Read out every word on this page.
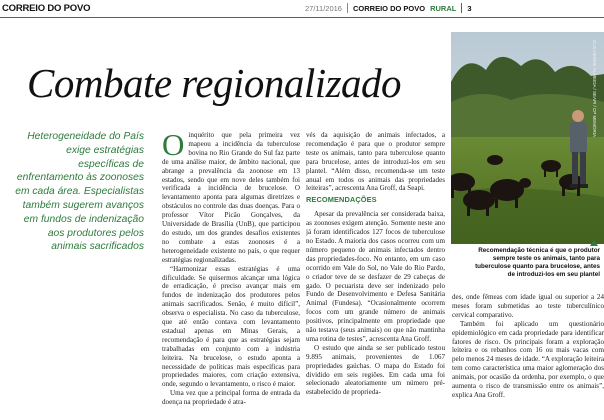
CORREIO DO POVO	27/11/2016 CORREIO DO POVO RURAL 3
Combate regionalizado
Heterogeneidade do País exige estratégias específicas de enfrentamento às zoonoses em cada área. Especialistas também sugerem avanços em fundos de indenização aos produtores pelos animais sacrificados
GUILHERME ALMEIDA / SEAPI / CP MEMÓRIA
Recomendação técnica é que o produtor sempre teste os animais, tanto para tuberculose quanto para brucelose, antes de introduzi-los em seu plantel
O inquérito que pela primeira vez mapeou a incidência da tuberculose bovina no Rio Grande do Sul faz parte de uma análise maior, de âmbito nacional, que abrange a prevalência da zoonose em 13 estados, sendo que em nove deles também foi verificada a incidência de brucelose. O levantamento aponta para algumas diretrizes e obstáculos no controle das duas doenças. Para o professor Vítor Picão Gonçalves, da Universidade de Brasília (UnB), que participou do estudo, um dos grandes desafios existentes no combate a estas zoonoses é a heterogeneidade existente no país, o que requer estratégias regionalizadas.

“Harmonizar essas estratégias é uma dificuldade. Se quisermos alcançar uma lógica de erradicação, é preciso avançar mais em fundos de indenização dos produtores pelos animais sacrificados. Senão, é muito difícil”, observa o especialista. No caso da tuberculose, que até então contava com levantamento estadual apenas em Minas Gerais, a recomendação é para que as estratégias sejam trabalhadas em conjunto com a indústria leiteira. Na brucelose, o estudo aponta a necessidade de políticas mais específicas para propriedades maiores, com criação extensiva, onde, segundo o levantamento, o risco é maior.

Uma vez que a principal forma de entrada da doença na propriedade é atra-

vés da aquisição de animais infectados, a recomendação é para que o produtor sempre teste os animais, tanto para tuberculose quanto para brucelose, antes de introduzi-los em seu plantel. “Além disso, recomenda-se um teste anual em todos os animais das propriedades leiteiras”, acrescenta Ana Groff, da Seapi.

RECOMENDAÇÕES

Apesar da prevalência ser considerada baixa, as zoonoses exigem atenção. Somente neste ano já foram identificados 127 focos de tuberculose no Estado. A maioria dos casos ocorreu com um número pequeno de animais infectados dentro das propriedades-foco. No entanto, em um caso ocorrido em Vale do Sol, no Vale do Rio Pardo, o criador teve de se desfazer de 29 cabeças de gado. O pecuarista deve ser indenizado pelo Fundo de Desenvolvimento e Defesa Sanitária Animal (Fundesa). “Ocasionalmente ocorrem focos com um grande número de animais positivos, principalmente em propriedade que não testava (seus animais) ou que não mantinha uma rotina de testes”, acrescenta Ana Groff.

O estudo que ainda se ser publicado testou 9.895 animais, provenientes de 1.067 propriedades gaúchas. O mapa do Estado foi dividido em seis regiões. Em cada uma foi selecionado aleatoriamente um número pré-estabelecido de proprieda-

des, onde fêmeas com idade igual ou superior a 24 meses foram submetidas ao teste tuberculínico cervical comparativo.

Também foi aplicado um questionário epidemiológico em cada propriedade para identificar fatores de risco. Os principais foram a exploração leiteira e os rebanhos com 16 ou mais vacas com pelo menos 24 meses de idade. “A exploração leiteira tem como característica uma maior aglomeração dos animais, por ocasião da ordenha, por exemplo, o que aumenta o risco de transmissão entre os animais”, explica Ana Groff.
